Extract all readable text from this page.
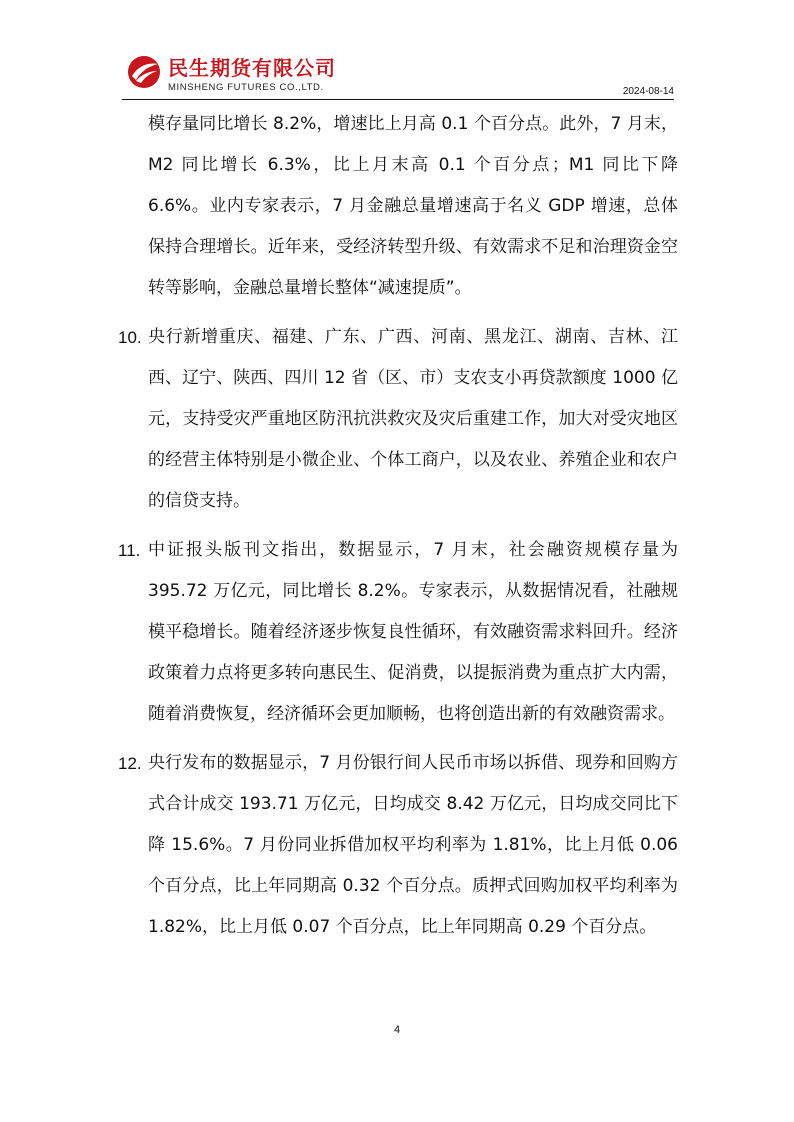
民生期货有限公司
MINSHENG FUTURES CO.,LTD.	2024-08-14
模存量同比增长 8.2%，增速比上月高 0.1 个百分点。此外，7 月末，M2 同比增长 6.3%，比上月末高 0.1 个百分点；M1 同比下降 6.6%。业内专家表示，7 月金融总量增速高于名义 GDP 增速，总体保持合理增长。近年来，受经济转型升级、有效需求不足和治理资金空转等影响，金融总量增长整体“减速提质”。
10. 央行新增重庆、福建、广东、广西、河南、黑龙江、湖南、吉林、江西、辽宁、陕西、四川 12 省（区、市）支农支小再贷款额度 1000 亿元，支持受灾严重地区防汛抗洪救灾及灾后重建工作，加大对受灾地区的经营主体特别是小微企业、个体工商户，以及农业、养殖企业和农户的信贷支持。
11. 中证报头版刊文指出，数据显示，7 月末，社会融资规模存量为 395.72 万亿元，同比增长 8.2%。专家表示，从数据情况看，社融规模平稳增长。随着经济逐步恢复良性循环，有效融资需求料回升。经济政策着力点将更多转向惠民生、促消费，以提振消费为重点扩大内需，随着消费恢复，经济循环会更加顺畅，也将创造出新的有效融资需求。
12. 央行发布的数据显示，7 月份银行间人民币市场以拆借、现券和回购方式合计成交 193.71 万亿元，日均成交 8.42 万亿元，日均成交同比下降 15.6%。7 月份同业拆借加权平均利率为 1.81%，比上月低 0.06 个百分点，比上年同期高 0.32 个百分点。质押式回购加权平均利率为 1.82%，比上月低 0.07 个百分点，比上年同期高 0.29 个百分点。
4
